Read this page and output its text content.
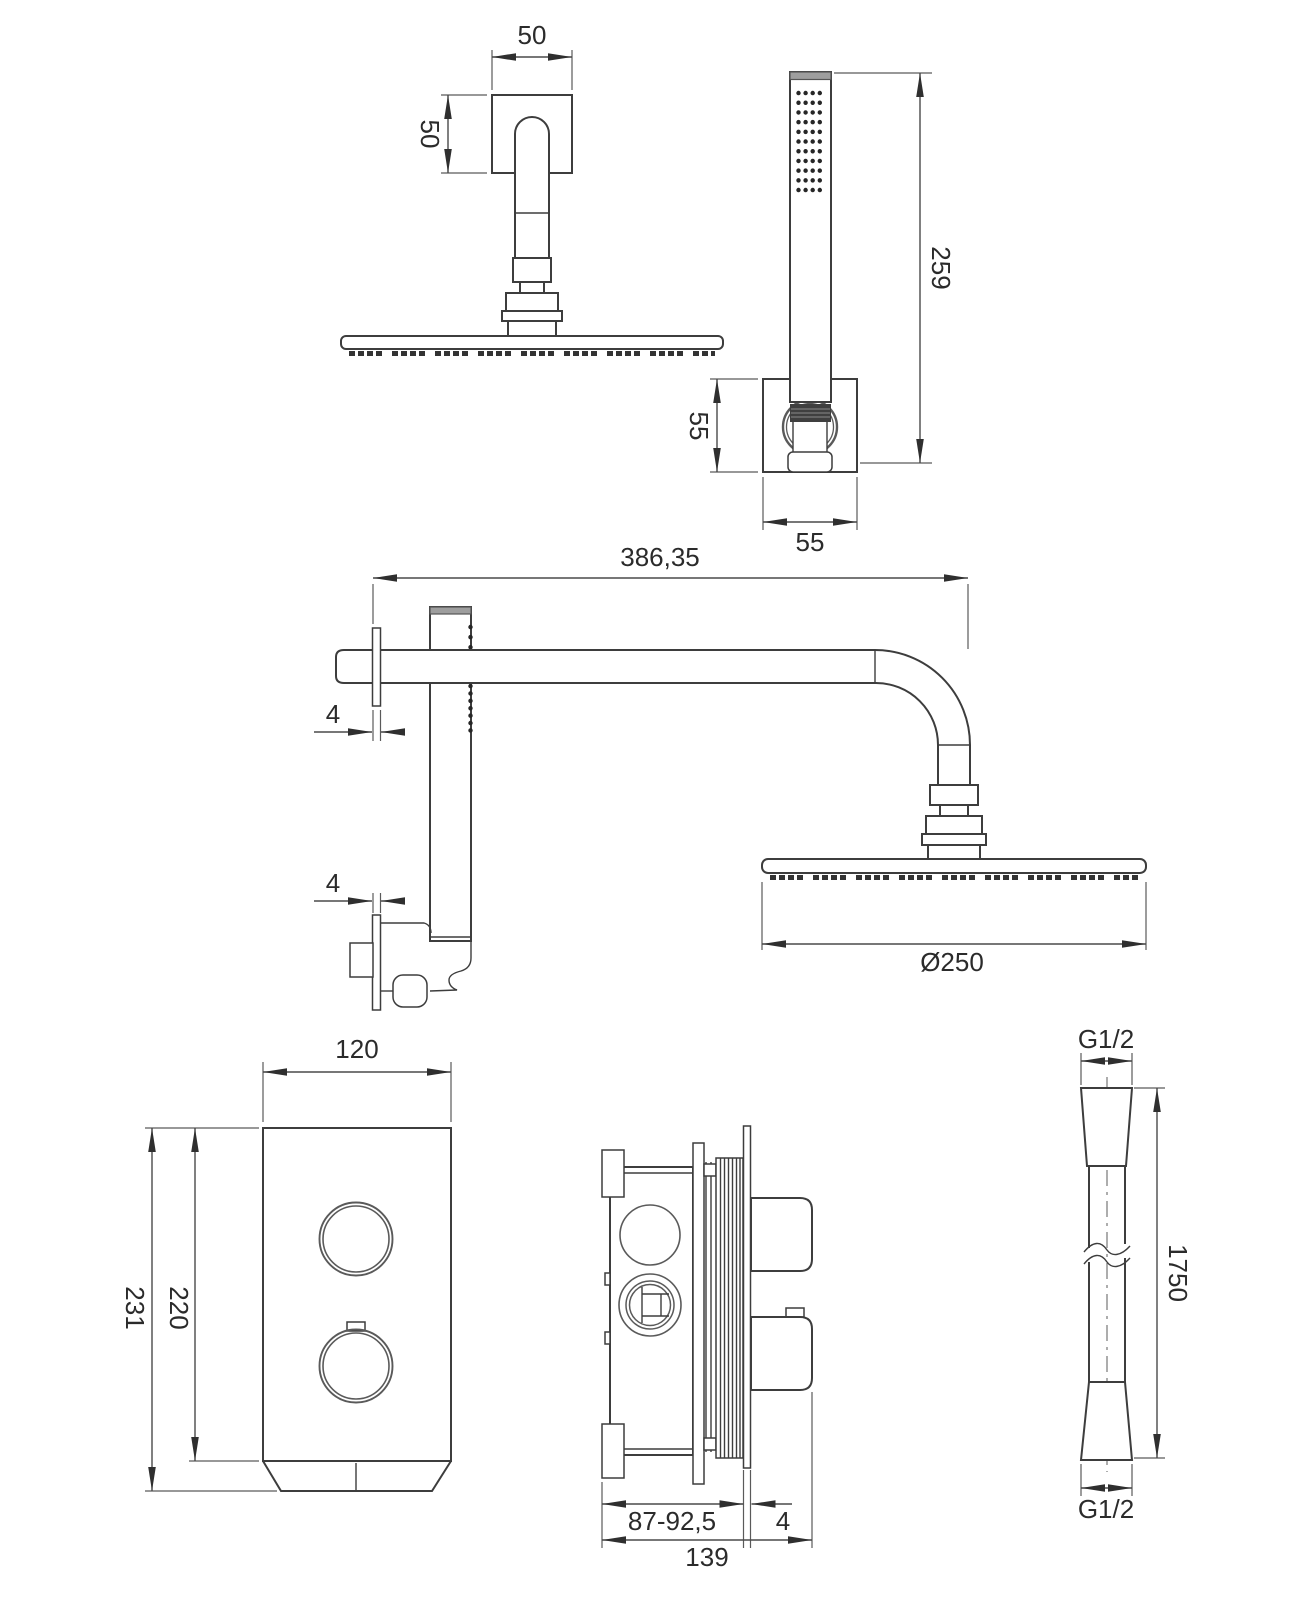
50
50
259
55
55
386,35
4
4
Ø250
120
231 220
87-92,5 4
139
G1/2
1750
G1/2
